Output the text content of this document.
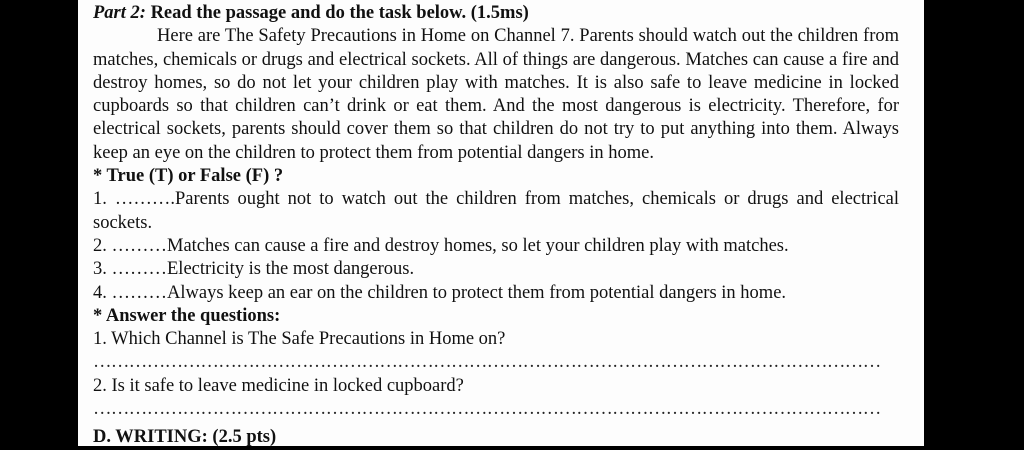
Part 2: Read the passage and do the task below. (1.5ms)

Here are The Safety Precautions in Home on Channel 7. Parents should watch out the children from matches, chemicals or drugs and electrical sockets. All of things are dangerous. Matches can cause a fire and destroy homes, so do not let your children play with matches. It is also safe to leave medicine in locked cupboards so that children can’t drink or eat them. And the most dangerous is electricity. Therefore, for electrical sockets, parents should cover them so that children do not try to put anything into them. Always keep an eye on the children to protect them from potential dangers in home.

* True (T) or False (F) ?

1. ……….Parents ought not to watch out the children from matches, chemicals or drugs and electrical sockets.

2. ………Matches can cause a fire and destroy homes, so let your children play with matches.

3. ………Electricity is the most dangerous.

4. ………Always keep an ear on the children to protect them from potential dangers in home.

* Answer the questions:

1. Which Channel is The Safe Precautions in Home on?

……………………………………………………………………………………………………………………

2. Is it safe to leave medicine in locked cupboard?

……………………………………………………………………………………………………………………
D. WRITING: (2.5 pts)
